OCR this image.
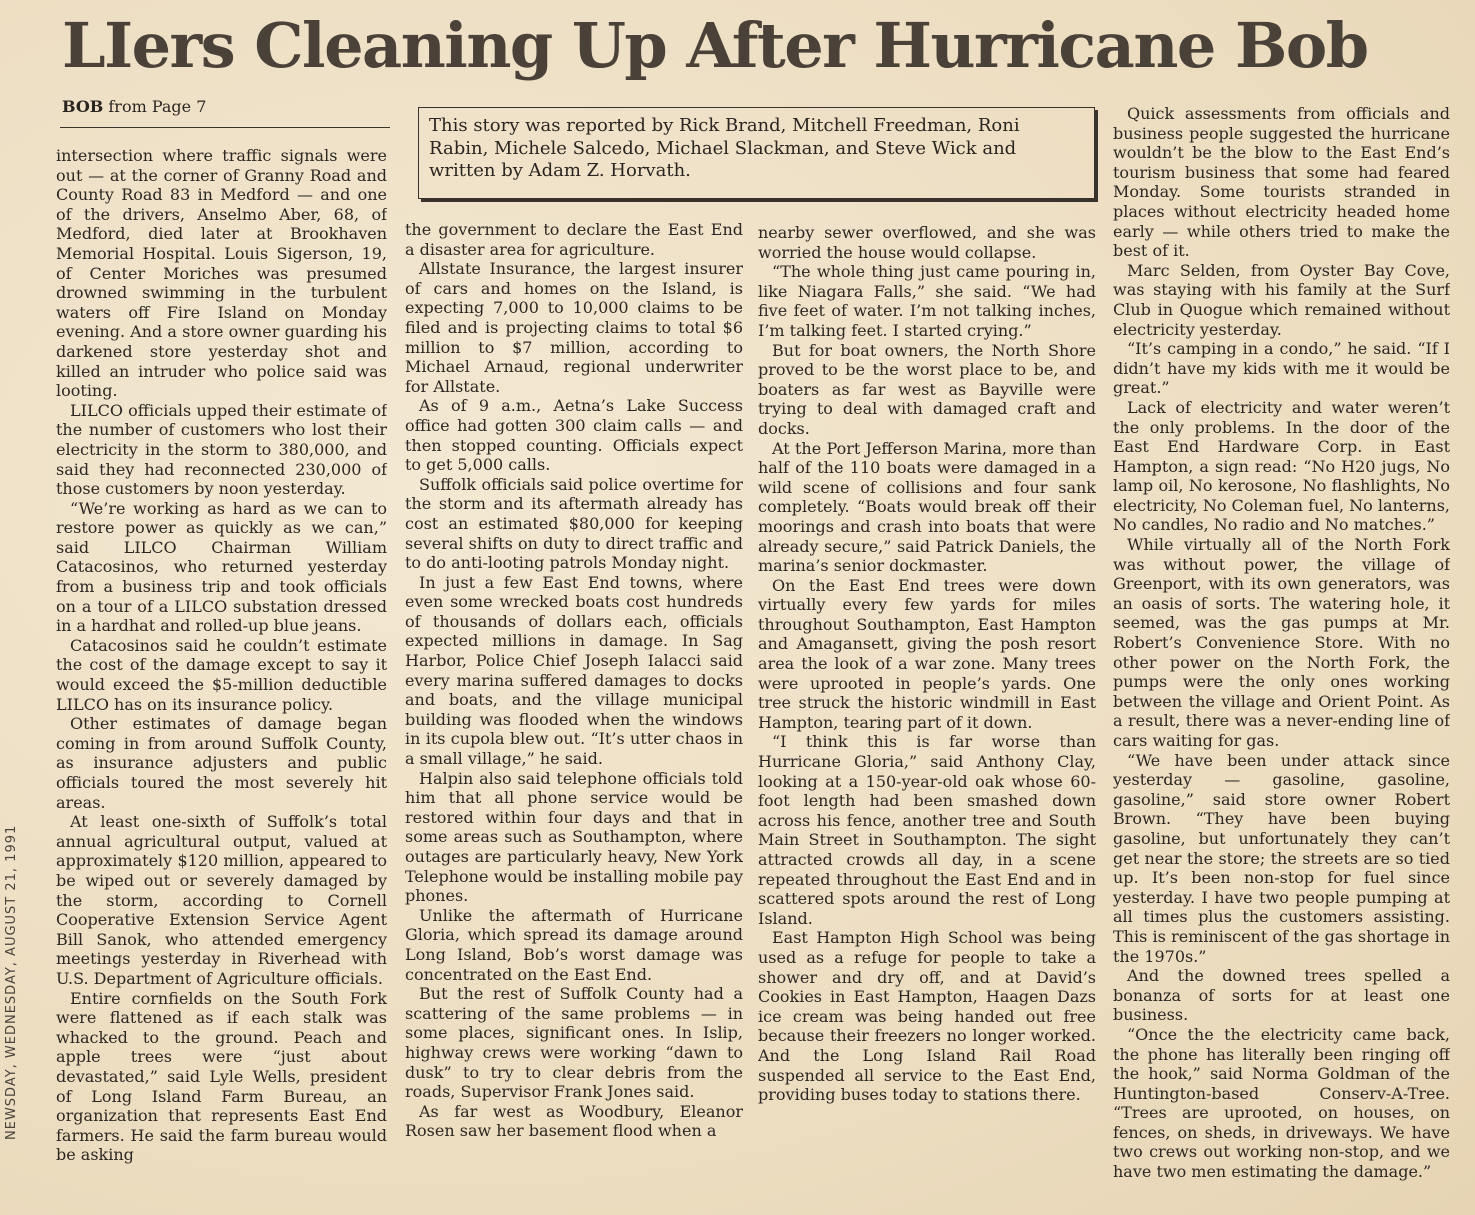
LIers Cleaning Up After Hurricane Bob
BOB from Page 7
This story was reported by Rick Brand, Mitchell Freedman, Roni Rabin, Michele Salcedo, Michael Slackman, and Steve Wick and written by Adam Z. Horvath.

intersection where traffic signals were out — at the corner of Granny Road and County Road 83 in Medford — and one of the drivers, Anselmo Aber, 68, of Medford, died later at Brookhaven Memorial Hospital. Louis Sigerson, 19, of Center Moriches was presumed drowned swimming in the turbulent waters off Fire Island on Monday evening. And a store owner guarding his darkened store yesterday shot and killed an intruder who police said was looting.

LILCO officials upped their estimate of the number of customers who lost their electricity in the storm to 380,000, and said they had reconnected 230,000 of those customers by noon yesterday.

“We’re working as hard as we can to restore power as quickly as we can,” said LILCO Chairman William Catacosinos, who returned yesterday from a business trip and took officials on a tour of a LILCO substation dressed in a hardhat and rolled-up blue jeans.

Catacosinos said he couldn’t estimate the cost of the damage except to say it would exceed the $5-million deductible LILCO has on its insurance policy.

Other estimates of damage began coming in from around Suffolk County, as insurance adjusters and public officials toured the most severely hit areas.

At least one-sixth of Suffolk’s total annual agricultural output, valued at approximately $120 million, appeared to be wiped out or severely damaged by the storm, according to Cornell Cooperative Extension Service Agent Bill Sanok, who attended emergency meetings yesterday in Riverhead with U.S. Department of Agriculture officials.

Entire cornfields on the South Fork were flattened as if each stalk was whacked to the ground. Peach and apple trees were “just about devastated,” said Lyle Wells, president of Long Island Farm Bureau, an organization that represents East End farmers. He said the farm bureau would be asking

the government to declare the East End a disaster area for agriculture.

Allstate Insurance, the largest insurer of cars and homes on the Island, is expecting 7,000 to 10,000 claims to be filed and is projecting claims to total $6 million to $7 million, according to Michael Arnaud, regional underwriter for Allstate.

As of 9 a.m., Aetna’s Lake Success office had gotten 300 claim calls — and then stopped counting. Officials expect to get 5,000 calls.

Suffolk officials said police overtime for the storm and its aftermath already has cost an estimated $80,000 for keeping several shifts on duty to direct traffic and to do anti-looting patrols Monday night.

In just a few East End towns, where even some wrecked boats cost hundreds of thousands of dollars each, officials expected millions in damage. In Sag Harbor, Police Chief Joseph Ialacci said every marina suffered damages to docks and boats, and the village municipal building was flooded when the windows in its cupola blew out. “It’s utter chaos in a small village,” he said.

Halpin also said telephone officials told him that all phone service would be restored within four days and that in some areas such as Southampton, where outages are particularly heavy, New York Telephone would be installing mobile pay phones.

Unlike the aftermath of Hurricane Gloria, which spread its damage around Long Island, Bob’s worst damage was concentrated on the East End.

But the rest of Suffolk County had a scattering of the same problems — in some places, significant ones. In Islip, highway crews were working “dawn to dusk” to try to clear debris from the roads, Supervisor Frank Jones said.

As far west as Woodbury, Eleanor Rosen saw her basement flood when a

nearby sewer overflowed, and she was worried the house would collapse.

“The whole thing just came pouring in, like Niagara Falls,” she said. “We had five feet of water. I’m not talking inches, I’m talking feet. I started crying.”

But for boat owners, the North Shore proved to be the worst place to be, and boaters as far west as Bayville were trying to deal with damaged craft and docks.

At the Port Jefferson Marina, more than half of the 110 boats were damaged in a wild scene of collisions and four sank completely. “Boats would break off their moorings and crash into boats that were already secure,” said Patrick Daniels, the marina’s senior dockmaster.

On the East End trees were down virtually every few yards for miles throughout Southampton, East Hampton and Amagansett, giving the posh resort area the look of a war zone. Many trees were uprooted in people’s yards. One tree struck the historic windmill in East Hampton, tearing part of it down.

“I think this is far worse than Hurricane Gloria,” said Anthony Clay, looking at a 150-year-old oak whose 60-foot length had been smashed down across his fence, another tree and South Main Street in Southampton. The sight attracted crowds all day, in a scene repeated throughout the East End and in scattered spots around the rest of Long Island.

East Hampton High School was being used as a refuge for people to take a shower and dry off, and at David’s Cookies in East Hampton, Haagen Dazs ice cream was being handed out free because their freezers no longer worked. And the Long Island Rail Road suspended all service to the East End, providing buses today to stations there.

Quick assessments from officials and business people suggested the hurricane wouldn’t be the blow to the East End’s tourism business that some had feared Monday. Some tourists stranded in places without electricity headed home early — while others tried to make the best of it.

Marc Selden, from Oyster Bay Cove, was staying with his family at the Surf Club in Quogue which remained without electricity yesterday.

“It’s camping in a condo,” he said. “If I didn’t have my kids with me it would be great.”

Lack of electricity and water weren’t the only problems. In the door of the East End Hardware Corp. in East Hampton, a sign read: “No H20 jugs, No lamp oil, No kerosone, No flashlights, No electricity, No Coleman fuel, No lanterns, No candles, No radio and No matches.”

While virtually all of the North Fork was without power, the village of Greenport, with its own generators, was an oasis of sorts. The watering hole, it seemed, was the gas pumps at Mr. Robert’s Convenience Store. With no other power on the North Fork, the pumps were the only ones working between the village and Orient Point. As a result, there was a never-ending line of cars waiting for gas.

“We have been under attack since yesterday — gasoline, gasoline, gasoline,” said store owner Robert Brown. “They have been buying gasoline, but unfortunately they can’t get near the store; the streets are so tied up. It’s been non-stop for fuel since yesterday. I have two people pumping at all times plus the customers assisting. This is reminiscent of the gas shortage in the 1970s.”

And the downed trees spelled a bonanza of sorts for at least one business.

“Once the the electricity came back, the phone has literally been ringing off the hook,” said Norma Goldman of the Huntington-based Conserv-A-Tree. “Trees are uprooted, on houses, on fences, on sheds, in driveways. We have two crews out working non-stop, and we have two men estimating the damage.”

NEWSDAY, WEDNESDAY, AUGUST 21, 1991
